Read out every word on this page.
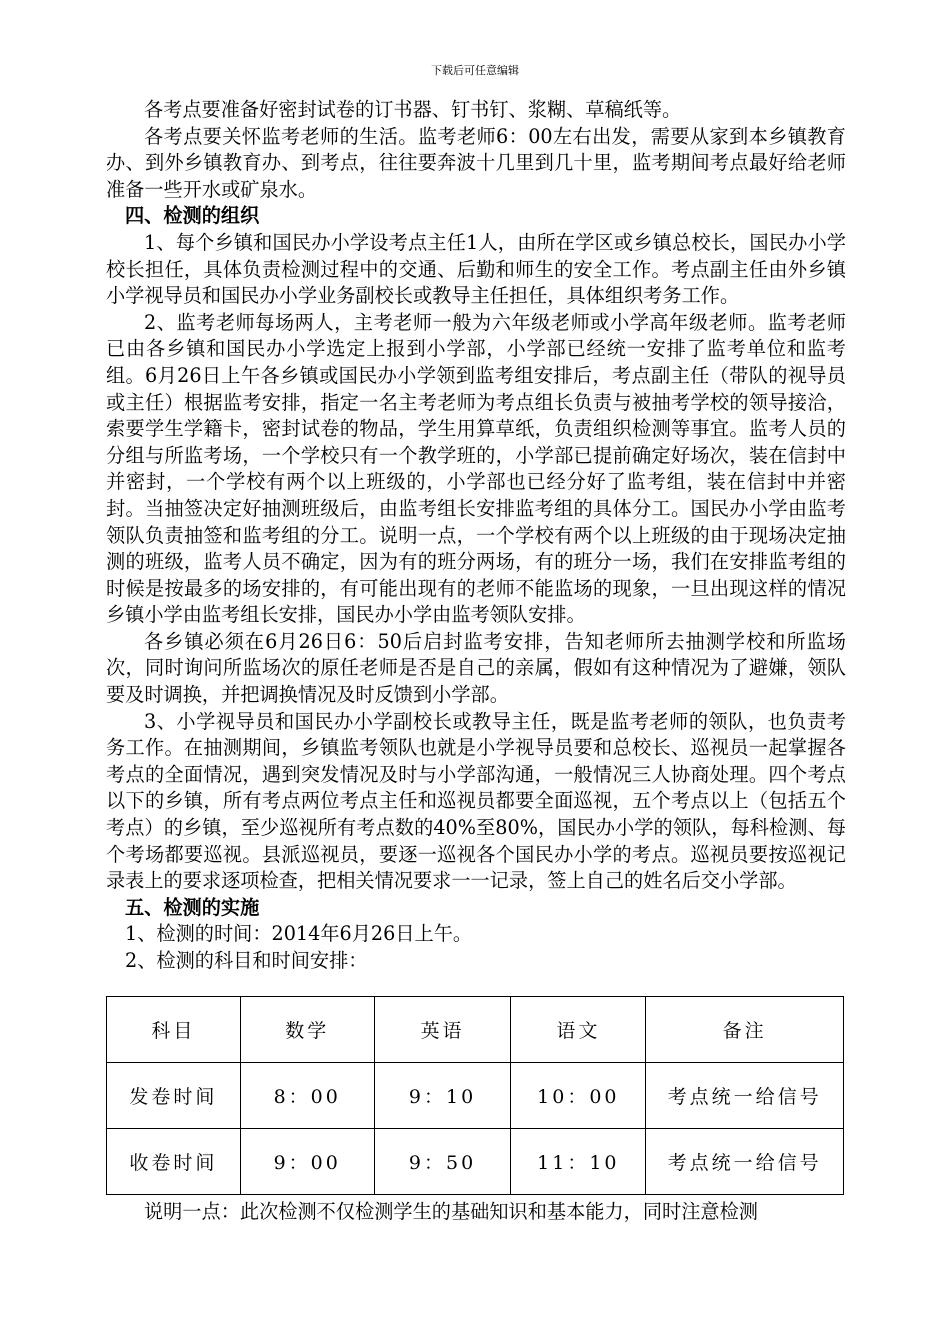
下载后可任意编辑

各考点要准备好密封试卷的订书器、钉书钉、浆糊、草稿纸等。

各考点要关怀监考老师的生活。监考老师6：00左右出发，需要从家到本乡镇教育办、到外乡镇教育办、到考点，往往要奔波十几里到几十里，监考期间考点最好给老师准备一些开水或矿泉水。

四、检测的组织

1、每个乡镇和国民办小学设考点主任1人，由所在学区或乡镇总校长，国民办小学校长担任，具体负责检测过程中的交通、后勤和师生的安全工作。考点副主任由外乡镇小学视导员和国民办小学业务副校长或教导主任担任，具体组织考务工作。

2、监考老师每场两人，主考老师一般为六年级老师或小学高年级老师。监考老师已由各乡镇和国民办小学选定上报到小学部，小学部已经统一安排了监考单位和监考组。6月26日上午各乡镇或国民办小学领到监考组安排后，考点副主任（带队的视导员或主任）根据监考安排，指定一名主考老师为考点组长负责与被抽考学校的领导接洽，索要学生学籍卡，密封试卷的物品，学生用算草纸，负责组织检测等事宜。监考人员的分组与所监考场，一个学校只有一个教学班的，小学部已提前确定好场次，装在信封中并密封，一个学校有两个以上班级的，小学部也已经分好了监考组，装在信封中并密封。当抽签决定好抽测班级后，由监考组长安排监考组的具体分工。国民办小学由监考领队负责抽签和监考组的分工。说明一点，一个学校有两个以上班级的由于现场决定抽测的班级，监考人员不确定，因为有的班分两场，有的班分一场，我们在安排监考组的时候是按最多的场安排的，有可能出现有的老师不能监场的现象，一旦出现这样的情况乡镇小学由监考组长安排，国民办小学由监考领队安排。

各乡镇必须在6月26日6：50后启封监考安排，告知老师所去抽测学校和所监场次，同时询问所监场次的原任老师是否是自己的亲属，假如有这种情况为了避嫌，领队要及时调换，并把调换情况及时反馈到小学部。

3、小学视导员和国民办小学副校长或教导主任，既是监考老师的领队，也负责考务工作。在抽测期间，乡镇监考领队也就是小学视导员要和总校长、巡视员一起掌握各考点的全面情况，遇到突发情况及时与小学部沟通，一般情况三人协商处理。四个考点以下的乡镇，所有考点两位考点主任和巡视员都要全面巡视，五个考点以上（包括五个考点）的乡镇，至少巡视所有考点数的40%至80%，国民办小学的领队，每科检测、每个考场都要巡视。县派巡视员，要逐一巡视各个国民办小学的考点。巡视员要按巡视记录表上的要求逐项检查，把相关情况要求一一记录，签上自己的姓名后交小学部。

五、检测的实施

1、检测的时间：2014年6月26日上午。

2、检测的科目和时间安排：

科目	数学	英语	语文	备注
发卷时间	8：00	9：10	10：00	考点统一给信号
收卷时间	9：00	9：50	11：10	考点统一给信号
说明一点：此次检测不仅检测学生的基础知识和基本能力，同时注意检测
